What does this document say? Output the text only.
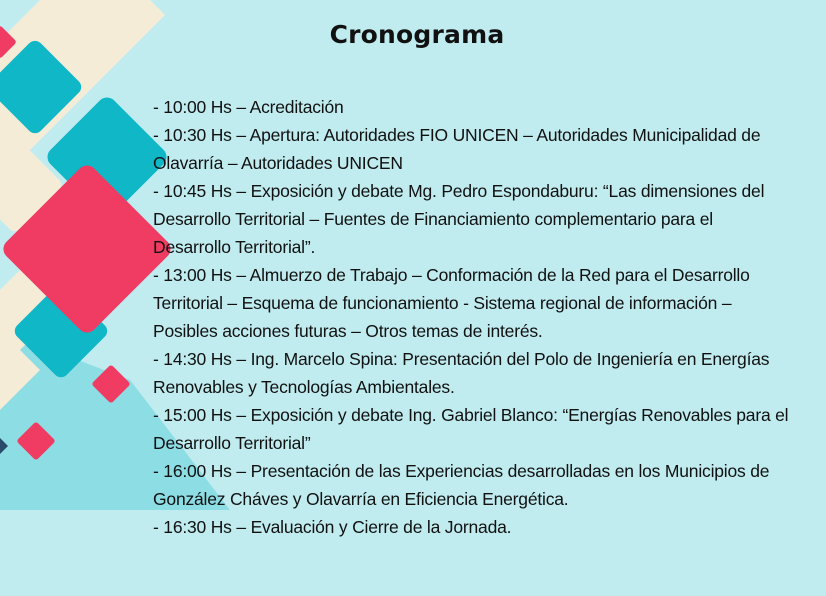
Cronograma

- 10:00 Hs – Acreditación

- 10:30 Hs – Apertura: Autoridades FIO UNICEN – Autoridades Municipalidad de Olavarría – Autoridades UNICEN

- 10:45 Hs – Exposición y debate Mg. Pedro Espondaburu: “Las dimensiones del Desarrollo Territorial – Fuentes de Financiamiento complementario para el Desarrollo Territorial”.

- 13:00 Hs – Almuerzo de Trabajo – Conformación de la Red para el Desarrollo Territorial – Esquema de funcionamiento - Sistema regional de información – Posibles acciones futuras – Otros temas de interés.

- 14:30 Hs – Ing. Marcelo Spina: Presentación del Polo de Ingeniería en Energías Renovables y Tecnologías Ambientales.

- 15:00 Hs – Exposición y debate Ing. Gabriel Blanco: “Energías Renovables para el Desarrollo Territorial”

- 16:00 Hs – Presentación de las Experiencias desarrolladas en los Municipios de González Cháves y Olavarría en Eficiencia Energética.

- 16:30 Hs – Evaluación y Cierre de la Jornada.
